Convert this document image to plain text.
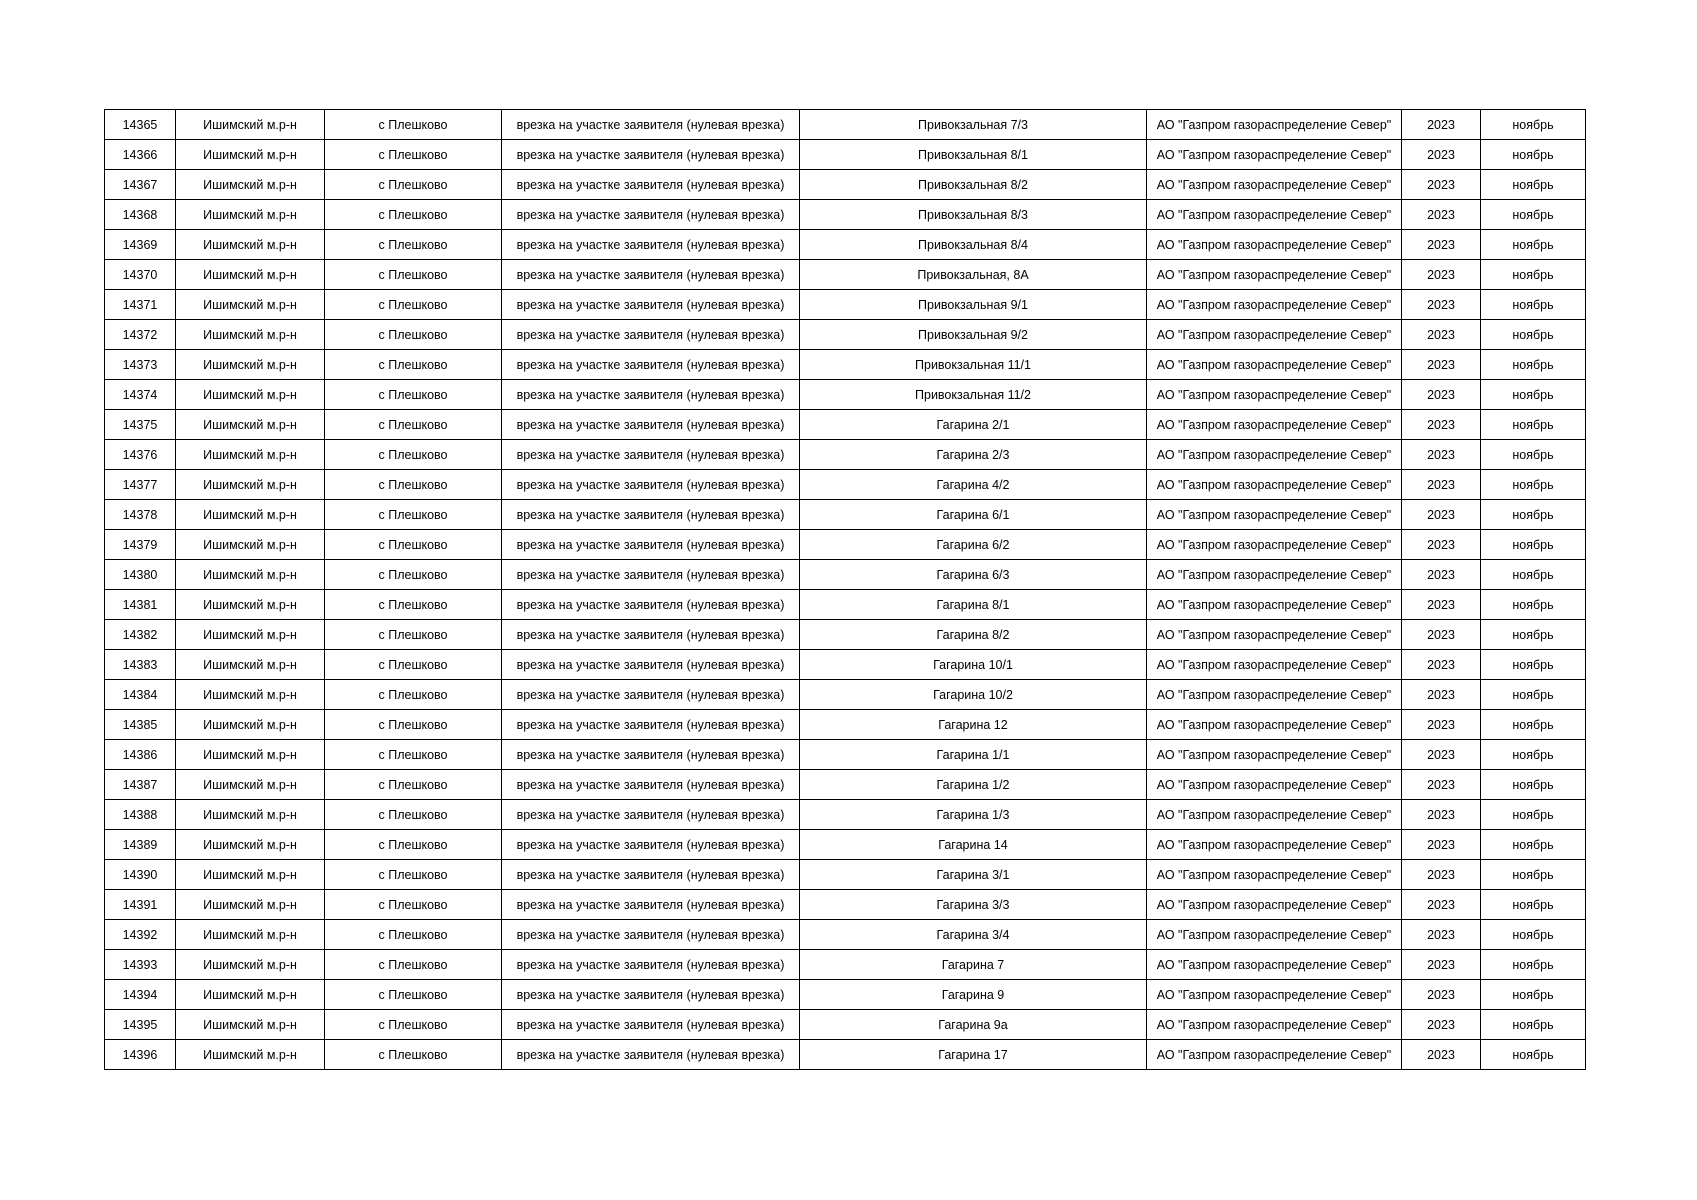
14365	Ишимский м.р-н	с Плешково	врезка на участке заявителя (нулевая врезка)	Привокзальная 7/3	АО "Газпром газораспределение Север"	2023	ноябрь
14366	Ишимский м.р-н	с Плешково	врезка на участке заявителя (нулевая врезка)	Привокзальная 8/1	АО "Газпром газораспределение Север"	2023	ноябрь
14367	Ишимский м.р-н	с Плешково	врезка на участке заявителя (нулевая врезка)	Привокзальная 8/2	АО "Газпром газораспределение Север"	2023	ноябрь
14368	Ишимский м.р-н	с Плешково	врезка на участке заявителя (нулевая врезка)	Привокзальная 8/3	АО "Газпром газораспределение Север"	2023	ноябрь
14369	Ишимский м.р-н	с Плешково	врезка на участке заявителя (нулевая врезка)	Привокзальная 8/4	АО "Газпром газораспределение Север"	2023	ноябрь
14370	Ишимский м.р-н	с Плешково	врезка на участке заявителя (нулевая врезка)	Привокзальная, 8А	АО "Газпром газораспределение Север"	2023	ноябрь
14371	Ишимский м.р-н	с Плешково	врезка на участке заявителя (нулевая врезка)	Привокзальная 9/1	АО "Газпром газораспределение Север"	2023	ноябрь
14372	Ишимский м.р-н	с Плешково	врезка на участке заявителя (нулевая врезка)	Привокзальная 9/2	АО "Газпром газораспределение Север"	2023	ноябрь
14373	Ишимский м.р-н	с Плешково	врезка на участке заявителя (нулевая врезка)	Привокзальная 11/1	АО "Газпром газораспределение Север"	2023	ноябрь
14374	Ишимский м.р-н	с Плешково	врезка на участке заявителя (нулевая врезка)	Привокзальная 11/2	АО "Газпром газораспределение Север"	2023	ноябрь
14375	Ишимский м.р-н	с Плешково	врезка на участке заявителя (нулевая врезка)	Гагарина 2/1	АО "Газпром газораспределение Север"	2023	ноябрь
14376	Ишимский м.р-н	с Плешково	врезка на участке заявителя (нулевая врезка)	Гагарина 2/3	АО "Газпром газораспределение Север"	2023	ноябрь
14377	Ишимский м.р-н	с Плешково	врезка на участке заявителя (нулевая врезка)	Гагарина 4/2	АО "Газпром газораспределение Север"	2023	ноябрь
14378	Ишимский м.р-н	с Плешково	врезка на участке заявителя (нулевая врезка)	Гагарина 6/1	АО "Газпром газораспределение Север"	2023	ноябрь
14379	Ишимский м.р-н	с Плешково	врезка на участке заявителя (нулевая врезка)	Гагарина 6/2	АО "Газпром газораспределение Север"	2023	ноябрь
14380	Ишимский м.р-н	с Плешково	врезка на участке заявителя (нулевая врезка)	Гагарина 6/3	АО "Газпром газораспределение Север"	2023	ноябрь
14381	Ишимский м.р-н	с Плешково	врезка на участке заявителя (нулевая врезка)	Гагарина 8/1	АО "Газпром газораспределение Север"	2023	ноябрь
14382	Ишимский м.р-н	с Плешково	врезка на участке заявителя (нулевая врезка)	Гагарина 8/2	АО "Газпром газораспределение Север"	2023	ноябрь
14383	Ишимский м.р-н	с Плешково	врезка на участке заявителя (нулевая врезка)	Гагарина 10/1	АО "Газпром газораспределение Север"	2023	ноябрь
14384	Ишимский м.р-н	с Плешково	врезка на участке заявителя (нулевая врезка)	Гагарина 10/2	АО "Газпром газораспределение Север"	2023	ноябрь
14385	Ишимский м.р-н	с Плешково	врезка на участке заявителя (нулевая врезка)	Гагарина 12	АО "Газпром газораспределение Север"	2023	ноябрь
14386	Ишимский м.р-н	с Плешково	врезка на участке заявителя (нулевая врезка)	Гагарина 1/1	АО "Газпром газораспределение Север"	2023	ноябрь
14387	Ишимский м.р-н	с Плешково	врезка на участке заявителя (нулевая врезка)	Гагарина 1/2	АО "Газпром газораспределение Север"	2023	ноябрь
14388	Ишимский м.р-н	с Плешково	врезка на участке заявителя (нулевая врезка)	Гагарина 1/3	АО "Газпром газораспределение Север"	2023	ноябрь
14389	Ишимский м.р-н	с Плешково	врезка на участке заявителя (нулевая врезка)	Гагарина 14	АО "Газпром газораспределение Север"	2023	ноябрь
14390	Ишимский м.р-н	с Плешково	врезка на участке заявителя (нулевая врезка)	Гагарина 3/1	АО "Газпром газораспределение Север"	2023	ноябрь
14391	Ишимский м.р-н	с Плешково	врезка на участке заявителя (нулевая врезка)	Гагарина 3/3	АО "Газпром газораспределение Север"	2023	ноябрь
14392	Ишимский м.р-н	с Плешково	врезка на участке заявителя (нулевая врезка)	Гагарина 3/4	АО "Газпром газораспределение Север"	2023	ноябрь
14393	Ишимский м.р-н	с Плешково	врезка на участке заявителя (нулевая врезка)	Гагарина 7	АО "Газпром газораспределение Север"	2023	ноябрь
14394	Ишимский м.р-н	с Плешково	врезка на участке заявителя (нулевая врезка)	Гагарина 9	АО "Газпром газораспределение Север"	2023	ноябрь
14395	Ишимский м.р-н	с Плешково	врезка на участке заявителя (нулевая врезка)	Гагарина 9а	АО "Газпром газораспределение Север"	2023	ноябрь
14396	Ишимский м.р-н	с Плешково	врезка на участке заявителя (нулевая врезка)	Гагарина 17	АО "Газпром газораспределение Север"	2023	ноябрь
